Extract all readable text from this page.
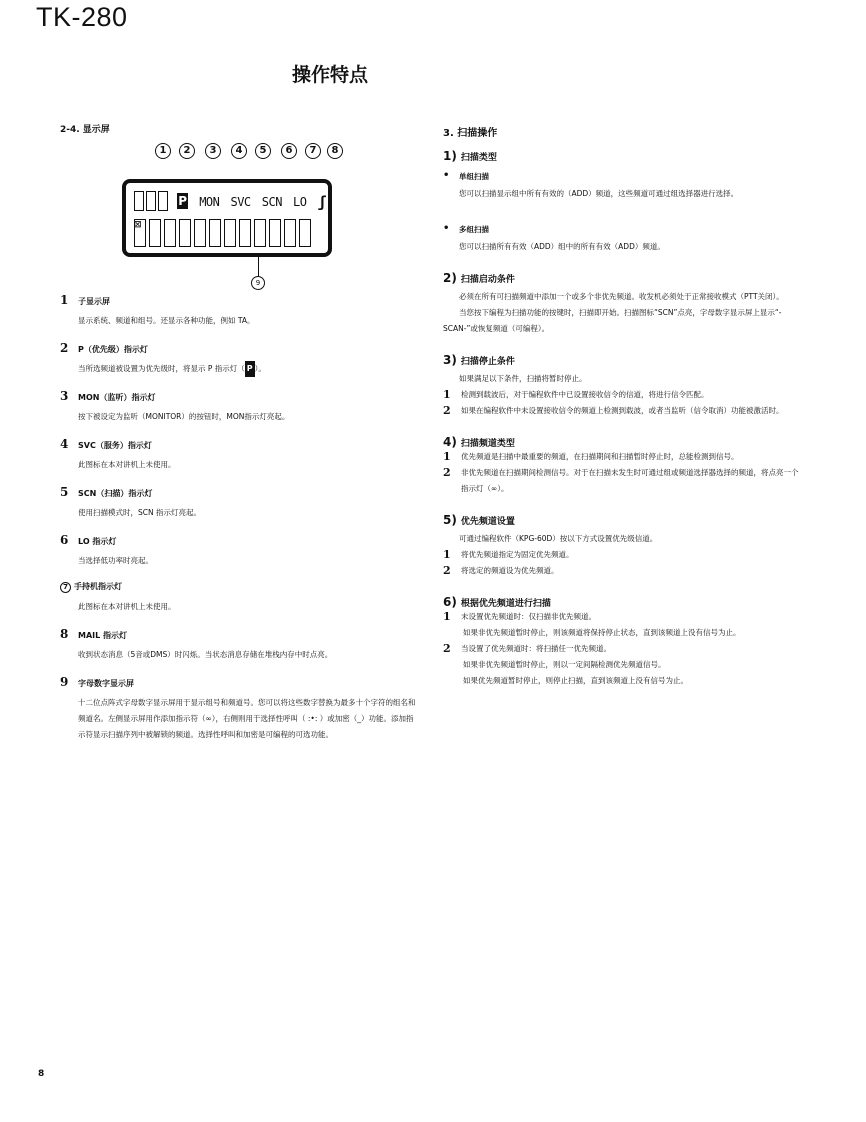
TK-280
操作特点
2-4. 显示屏
1	2	3	4	5	6	7	8
P MON SVC SCN LO ʃ ⊠
9
1	子显示屏
显示系统、频道和组号。还显示各种功能，例如 TA。
2	P（优先级）指示灯
当所选频道被设置为优先级时，将显示 P 指示灯（ P ）。
3	MON（监听）指示灯
按下被设定为监听（MONITOR）的按钮时，MON指示灯亮起。
4	SVC（服务）指示灯
此图标在本对讲机上未使用。
5	SCN（扫描）指示灯
使用扫描模式时，SCN 指示灯亮起。
6	LO 指示灯
当选择低功率时亮起。
7 手持机指示灯
此图标在本对讲机上未使用。
8	MAIL 指示灯
收到状态消息（5音或DMS）时闪烁。当状态消息存储在堆栈内存中时点亮。
9	字母数字显示屏
十二位点阵式字母数字显示屏用于显示组号和频道号。您可以将这些数字替换为最多十个字符的组名和频道名。左侧显示屏用作添加指示符（∞），右侧则用于选择性呼叫（ :•: ）或加密（_）功能。添加指示符显示扫描序列中被解锁的频道。选择性呼叫和加密是可编程的可选功能。
3. 扫描操作
1) 扫描类型
•	单组扫描
您可以扫描显示组中所有有效的（ADD）频道，这些频道可通过组选择器进行选择。
•	多组扫描
您可以扫描所有有效（ADD）组中的所有有效（ADD）频道。
2) 扫描启动条件
必须在所有可扫描频道中添加一个或多个非优先频道。收发机必须处于正常接收模式（PTT关闭）。
当您按下编程为扫描功能的按键时，扫描即开始。扫描图标“SCN”点亮，字母数字显示屏上显示“-SCAN-”或恢复频道（可编程）。
3) 扫描停止条件
如果满足以下条件，扫描将暂时停止。
1	检测到载波后，对于编程软件中已设置接收信令的信道，将进行信令匹配。
2	如果在编程软件中未设置接收信令的频道上检测到载波，或者当监听（信令取消）功能被激活时。
4) 扫描频道类型
1	优先频道是扫描中最重要的频道，在扫描期间和扫描暂时停止时，总能检测到信号。
2	非优先频道在扫描期间检测信号。对于在扫描未发生时可通过组或频道选择器选择的频道，将点亮一个指示灯（∞）。
5) 优先频道设置
可通过编程软件（KPG-60D）按以下方式设置优先级信道。
1	将优先频道指定为固定优先频道。
2	将选定的频道设为优先频道。
6) 根据优先频道进行扫描
1	未设置优先频道时：仅扫描非优先频道。
如果非优先频道暂时停止，则该频道将保持停止状态，直到该频道上没有信号为止。
2	当设置了优先频道时：将扫描任一优先频道。
如果非优先频道暂时停止，则以一定间隔检测优先频道信号。
如果优先频道暂时停止，则停止扫描，直到该频道上没有信号为止。
8
